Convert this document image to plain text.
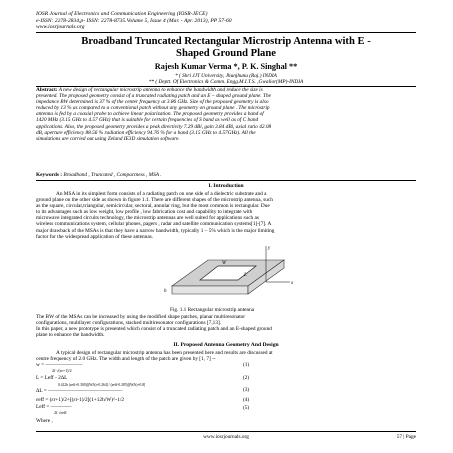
IOSR Journal of Electronics and Communication Engineering (IOSR-JECE)
e-ISSN: 2278-2834,p- ISSN: 2278-8735.Volume 5, Issue 4 (Mar. - Apr. 2013), PP 57-60
www.iosrjournals.org
Broadband Truncated Rectangular Microstrip Antenna with E -
Shaped Ground Plane
Rajesh Kumar Verma *, P. K. Singhal **
* ( Shri JJT University, Jhunjhunu (Raj.) INDIA
** ( Deptt. Of Electronics & Comm. Engg.M.I.T.S. ,Gwalior(MP)-INDIA
Abstract: A new design of rectangular microstrip antenna to enhance the bandwidth and reduce the size is
presented. The proposed geometry consist of a truncated radiating patch and an E – shaped ground plane. The
impedance BW determined is 37 % of the center frequency at 3.86 GHz. Size of the proposed geometry is also
reduced by 13 % as compared to a conventional patch without any geometry on ground plane . The microstrip
antenna is fed by a coaxial probe to achieve linear polarization. The proposed geometry provides a band of
1420 MHz (3.15 GHz to 4.57 GHz) that is suitable for certain frequencies of S band as well as of C band
applications. Also, the proposed geometry provides a peak directivity 7.29 dBi, gain 3.84 dBi, axial ratio 42.08
dB, aperture efficiency 88.56 % radiation efficiency 94.76 % for a band (3.15 GHz to 4.57GHz). All the
simulations are carried out using Zeland IE3D simulation software.
Keywords : Broadband , Truncated , Compactness , MSA .
I. Introduction
An MSA in its simplest form consists of a radiating patch on one side of a dielectric substrate and a
ground plane on the other side as shown in figure 1.1. There are different shapes of the microstrip antenna, such
as the square, circular,triangular, semicircular, sectoral, annular ring, but the most common is rectangular. Due
to its advantages such as low weight, low profile , low fabrication cost and capability to integrate with
microwave integrated circuits technology, the microstrip antennas are well suited for applications such as
wireless communications system, cellular phones, pagers , radar and satellite communication systems[1]-[7]. A
major drawback of the MSAs is that they have a narrow bandwidth, typically 1 – 5% which is the major limiting
factor for the widespread application of these antennas.
y
x
W
L
h
Fig. 1.1 Rectangular microstrip antenna
The BW of the MSAs can be increased by using the modified shape patches, planar multiresonator
configurations, multilayer configurations, stacked multiresonator configurations [7,13].
In this paper, a new prototype is presented which consist of a truncated radiating patch and an E-shaped ground
plane to enhance the bandwidth.
II. Proposed Antenna Geometry And Design
A typical design of rectangular microstrip antenna has been presented here and results are discussed at
centre frequency of 2.0 GHz. The width and length of the patch are given by [1, 7] --
w = ―――――――
2f √(εr+1)/2
(1)
L = Leff - 2ΔL	(2)
0.412h (εeff+0.300)[(W/h)+0.264] / (εeff-0.285)[(W/h)+0.8]
ΔL = ――――――――――――――	(3)
εeff = (εr+1)/2+[(εr-1)/2](1+12h/W)^-1/2	(4)
Leff = ――――
2f √εeff
(5)
Where ,
www.iosrjournals.org	57 | Page
